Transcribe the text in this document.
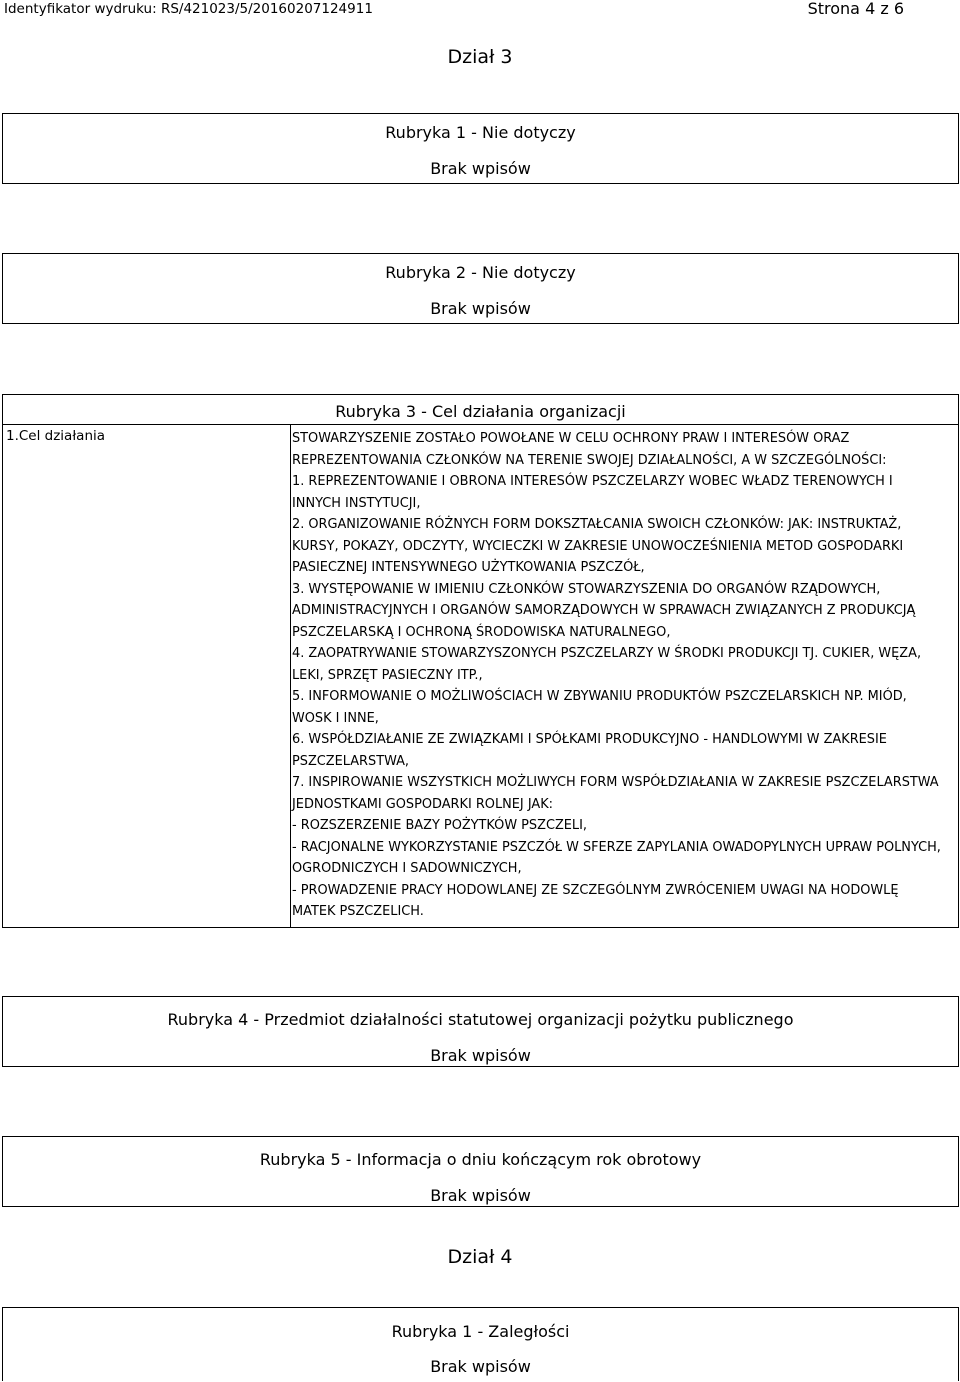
Identyfikator wydruku: RS/421023/5/20160207124911	Strona 4 z 6
Dział 3
Rubryka 1 - Nie dotyczy
Brak wpisów
Rubryka 2 - Nie dotyczy
Brak wpisów
Rubryka 3 - Cel działania organizacji
1.Cel działania	STOWARZYSZENIE ZOSTAŁO POWOŁANE W CELU OCHRONY PRAW I INTERESÓW ORAZ
REPREZENTOWANIA CZŁONKÓW NA TERENIE SWOJEJ DZIAŁALNOŚCI, A W SZCZEGÓLNOŚCI:
1. REPREZENTOWANIE I OBRONA INTERESÓW PSZCZELARZY WOBEC WŁADZ TERENOWYCH I
INNYCH INSTYTUCJI,
2. ORGANIZOWANIE RÓŻNYCH FORM DOKSZTAŁCANIA SWOICH CZŁONKÓW: JAK: INSTRUKTAŻ,
KURSY, POKAZY, ODCZYTY, WYCIECZKI W ZAKRESIE UNOWOCZEŚNIENIA METOD GOSPODARKI
PASIECZNEJ INTENSYWNEGO UŻYTKOWANIA PSZCZÓŁ,
3. WYSTĘPOWANIE W IMIENIU CZŁONKÓW STOWARZYSZENIA DO ORGANÓW RZĄDOWYCH,
ADMINISTRACYJNYCH I ORGANÓW SAMORZĄDOWYCH W SPRAWACH ZWIĄZANYCH Z PRODUKCJĄ
PSZCZELARSKĄ I OCHRONĄ ŚRODOWISKA NATURALNEGO,
4. ZAOPATRYWANIE STOWARZYSZONYCH PSZCZELARZY W ŚRODKI PRODUKCJI TJ. CUKIER, WĘZA,
LEKI, SPRZĘT PASIECZNY ITP.,
5. INFORMOWANIE O MOŻLIWOŚCIACH W ZBYWANIU PRODUKTÓW PSZCZELARSKICH NP. MIÓD,
WOSK I INNE,
6. WSPÓŁDZIAŁANIE ZE ZWIĄZKAMI I SPÓŁKAMI PRODUKCYJNO - HANDLOWYMI W ZAKRESIE
PSZCZELARSTWA,
7. INSPIROWANIE WSZYSTKICH MOŻLIWYCH FORM WSPÓŁDZIAŁANIA W ZAKRESIE PSZCZELARSTWA
JEDNOSTKAMI GOSPODARKI ROLNEJ JAK:
- ROZSZERZENIE BAZY POŻYTKÓW PSZCZELI,
- RACJONALNE WYKORZYSTANIE PSZCZÓŁ W SFERZE ZAPYLANIA OWADOPYLNYCH UPRAW POLNYCH,
OGRODNICZYCH I SADOWNICZYCH,
- PROWADZENIE PRACY HODOWLANEJ ZE SZCZEGÓLNYM ZWRÓCENIEM UWAGI NA HODOWLĘ
MATEK PSZCZELICH.
Rubryka 4 - Przedmiot działalności statutowej organizacji pożytku publicznego
Brak wpisów
Rubryka 5 - Informacja o dniu kończącym rok obrotowy
Brak wpisów
Dział 4
Rubryka 1 - Zaległości
Brak wpisów
